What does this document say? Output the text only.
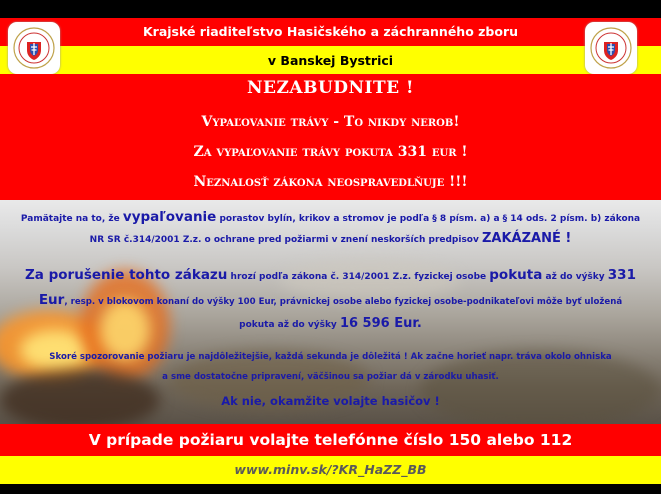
Krajské riaditeľstvo Hasičského a záchranného zboru
v Banskej Bystrici
NEZABUDNITE !
Vypaľovanie trávy - To nikdy nerob!
Za vypaľovanie trávy pokuta 331 eur !
Neznalosť zákona neospravedlňuje !!!
Pamätajte na to, že vypaľovanie porastov bylín, krikov a stromov je podľa § 8 písm. a) a § 14 ods. 2 písm. b) zákona
NR SR č.314/2001 Z.z. o ochrane pred požiarmi v znení neskorších predpisov ZAKÁZANÉ !
Za porušenie tohto zákazu hrozí podľa zákona č. 314/2001 Z.z. fyzickej osobe pokuta až do výšky 331
Eur, resp. v blokovom konaní do výšky 100 Eur, právnickej osobe alebo fyzickej osobe-podnikateľovi môže byť uložená
pokuta až do výšky 16 596 Eur.
Skoré spozorovanie požiaru je najdôležitejšie, každá sekunda je dôležitá ! Ak začne horieť napr. tráva okolo ohniska
a sme dostatočne pripravení, väčšinou sa požiar dá v zárodku uhasiť.
Ak nie, okamžite volajte hasičov !
V prípade požiaru volajte telefónne číslo 150 alebo 112
www.minv.sk/?KR_HaZZ_BB
